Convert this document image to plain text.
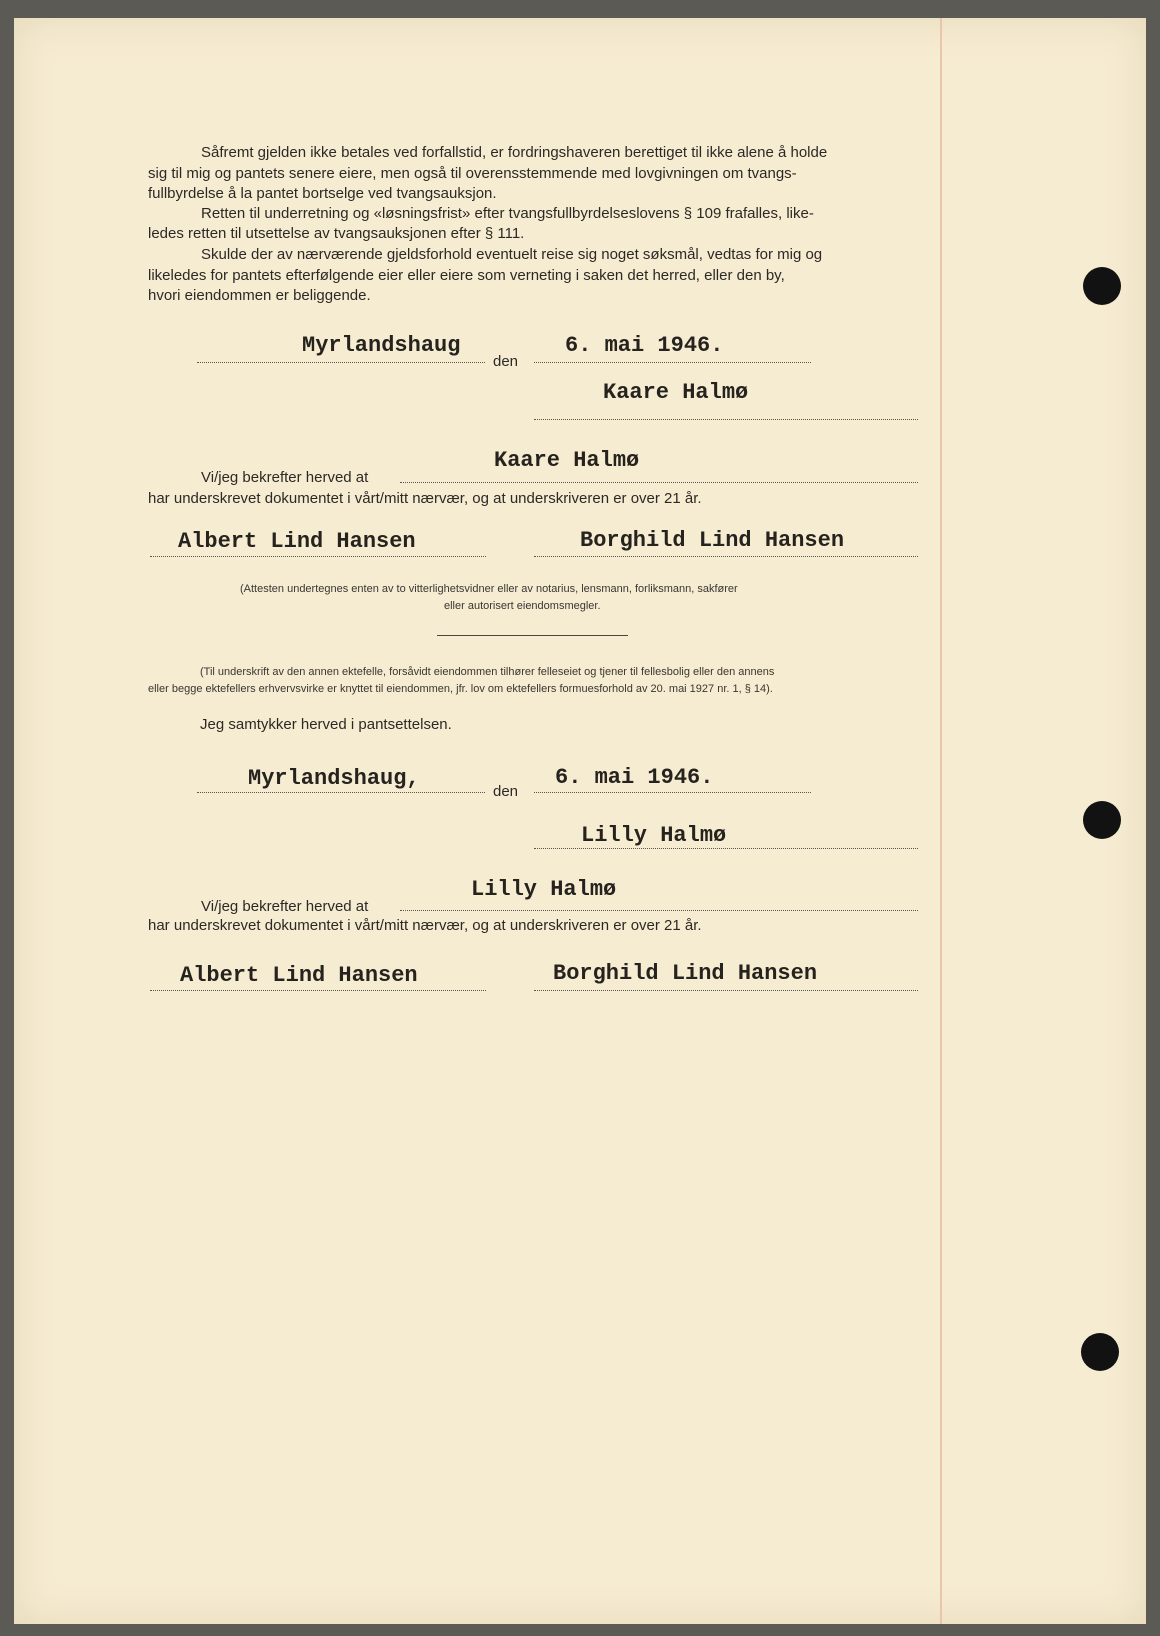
Såfremt gjelden ikke betales ved forfallstid, er fordringshaveren berettiget til ikke alene å holde
sig til mig og pantets senere eiere, men også til overensstemmende med lovgivningen om tvangs-
fullbyrdelse å la pantet bortselge ved tvangsauksjon.
Retten til underretning og «løsningsfrist» efter tvangsfullbyrdelseslovens § 109 frafalles, like-
ledes retten til utsettelse av tvangsauksjonen efter § 111.
Skulde der av nærværende gjeldsforhold eventuelt reise sig noget søksmål, vedtas for mig og
likeledes for pantets efterfølgende eier eller eiere som verneting i saken det herred, eller den by,
hvori eiendommen er beliggende.
Myrlandshaug
den
6. mai 1946.
Kaare Halmø
Kaare Halmø
Vi/jeg bekrefter herved at
har underskrevet dokumentet i vårt/mitt nærvær, og at underskriveren er over 21 år.
Albert Lind Hansen	Borghild Lind Hansen
(Attesten undertegnes enten av to vitterlighetsvidner eller av notarius, lensmann, forliksmann, sakfører
eller autorisert eiendomsmegler.
(Til underskrift av den annen ektefelle, forsåvidt eiendommen tilhører felleseiet og tjener til fellesbolig eller den annens
eller begge ektefellers erhvervsvirke er knyttet til eiendommen, jfr. lov om ektefellers formuesforhold av 20. mai 1927 nr. 1, § 14).
Jeg samtykker herved i pantsettelsen.
Myrlandshaug,
den
6. mai 1946.
Lilly Halmø
Lilly Halmø
Vi/jeg bekrefter herved at
har underskrevet dokumentet i vårt/mitt nærvær, og at underskriveren er over 21 år.
Albert Lind Hansen	Borghild Lind Hansen
